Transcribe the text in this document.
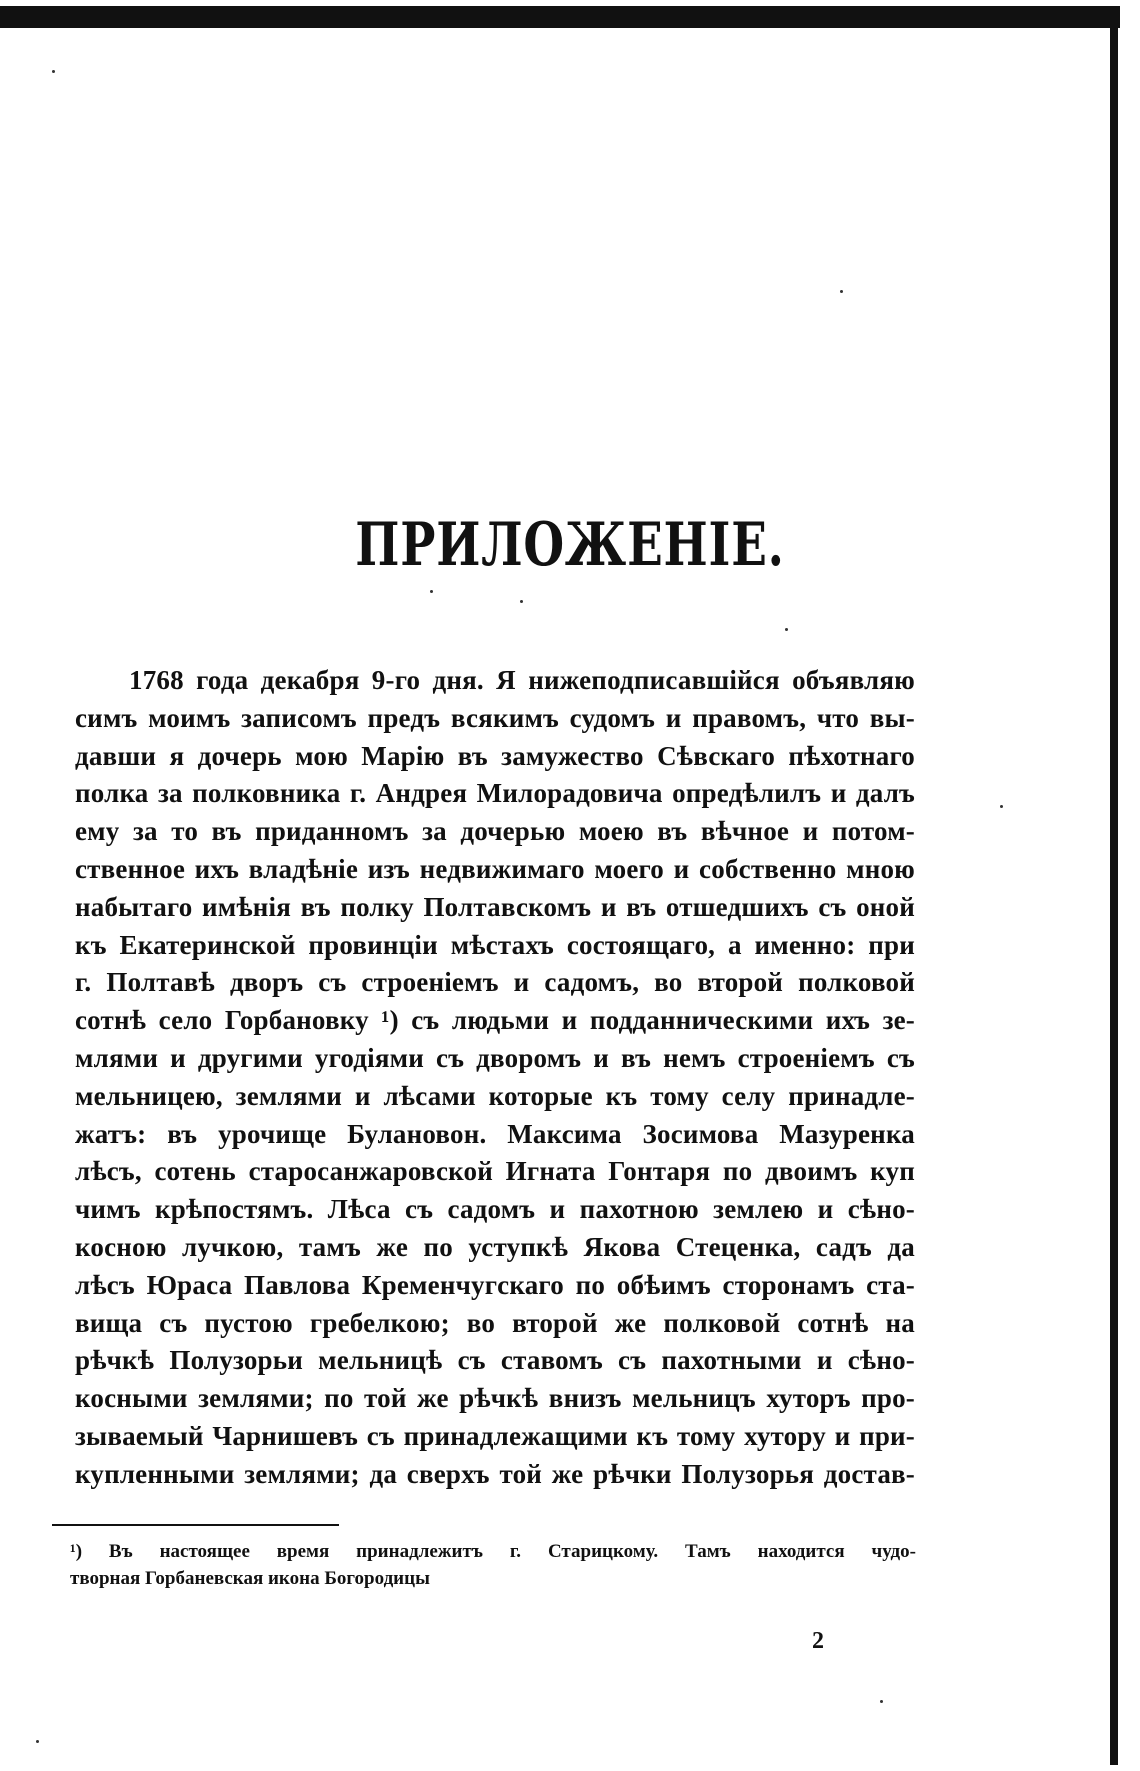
ПРИЛОЖЕНІЕ.
1768 года декабря 9-го дня. Я нижеподписавшійся объявляю
симъ моимъ записомъ предъ всякимъ судомъ и правомъ, что вы-
давши я дочерь мою Марію въ замужество Сѣвскаго пѣхотнаго
полка за полковника г. Андрея Милорадовича опредѣлилъ и далъ
ему за то въ приданномъ за дочерью моею въ вѣчное и потом-
ственное ихъ владѣніе изъ недвижимаго моего и собственно мною
набытаго имѣнія въ полку Полтавскомъ и въ отшедшихъ съ оной
къ Екатеринской провинціи мѣстахъ состоящаго, а именно: при
г. Полтавѣ дворъ съ строеніемъ и садомъ, во второй полковой
сотнѣ село Горбановку ¹) съ людьми и подданническими ихъ зе-
млями и другими угодіями съ дворомъ и въ немъ строеніемъ съ
мельницею, землями и лѣсами которые къ тому селу принадле-
жатъ: въ урочище Булановон. Максима Зосимова Мазуренка
лѣсъ, сотень старосанжаровской Игната Гонтаря по двоимъ куп
чимъ крѣпостямъ. Лѣса съ садомъ и пахотною землею и сѣно-
косною лучкою, тамъ же по уступкѣ Якова Стеценка, садъ да
лѣсъ Юраса Павлова Кременчугскаго по обѣимъ сторонамъ ста-
вища съ пустою гребелкою; во второй же полковой сотнѣ на
рѣчкѣ Полузорьи мельницѣ съ ставомъ съ пахотными и сѣно-
косными землями; по той же рѣчкѣ внизъ мельницъ хуторъ про-
зываемый Чарнишевъ съ принадлежащими къ тому хутору и при-
купленными землями; да сверхъ той же рѣчки Полузорья достав-
¹) Въ настоящее время принадлежитъ г. Старицкому. Тамъ находится чудо-
творная Горбаневская икона Богородицы
2
